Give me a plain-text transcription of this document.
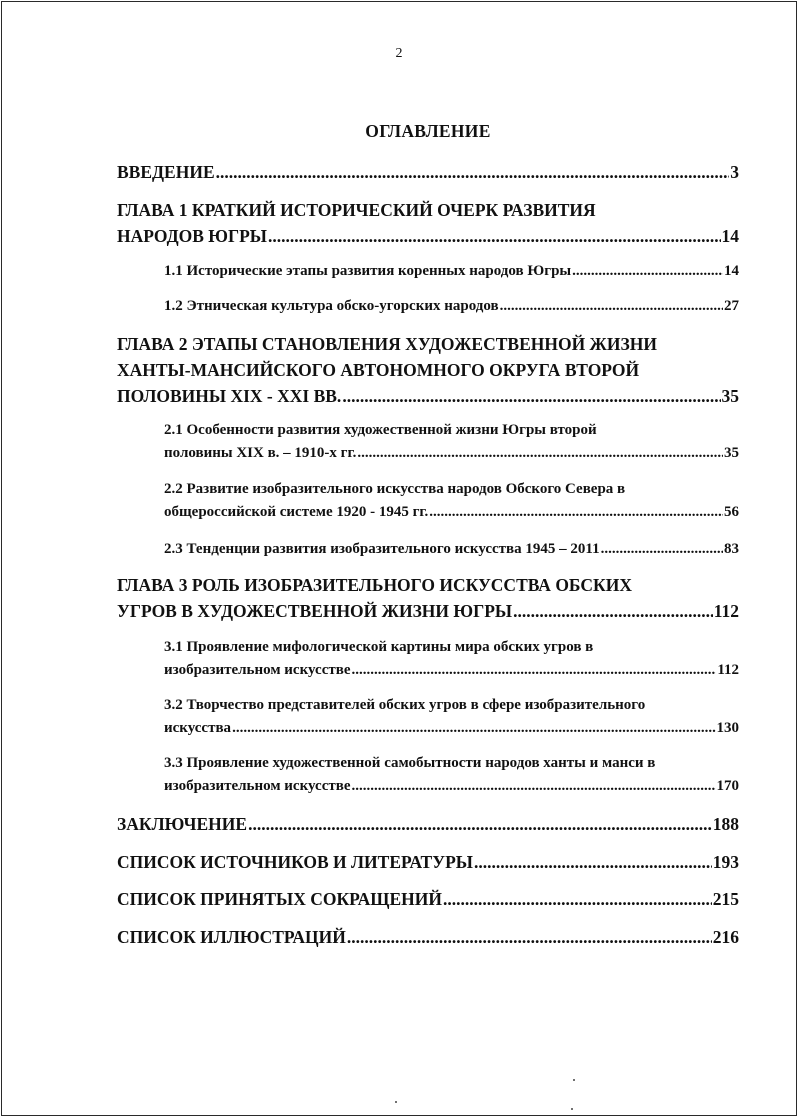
2
ОГЛАВЛЕНИЕ
ВВЕДЕНИЕ .....	3
ГЛАВА 1 КРАТКИЙ ИСТОРИЧЕСКИЙ ОЧЕРК РАЗВИТИЯ
НАРОДОВ ЮГРЫ .....	14
1.1 Исторические этапы развития коренных народов Югры .....	14
1.2 Этническая культура обско-угорских народов .....	27
ГЛАВА 2 ЭТАПЫ СТАНОВЛЕНИЯ ХУДОЖЕСТВЕННОЙ ЖИЗНИ
ХАНТЫ-МАНСИЙСКОГО АВТОНОМНОГО ОКРУГА ВТОРОЙ
ПОЛОВИНЫ XIX - XXI ВВ. .....	35
2.1 Особенности развития художественной жизни Югры второй
половины XIX в. – 1910-х гг. .....	35
2.2 Развитие изобразительного искусства народов Обского Севера в
общероссийской системе 1920 - 1945 гг. .....	56
2.3 Тенденции развития изобразительного искусства 1945 – 2011 .....	83
ГЛАВА 3 РОЛЬ ИЗОБРАЗИТЕЛЬНОГО ИСКУССТВА ОБСКИХ
УГРОВ В ХУДОЖЕСТВЕННОЙ ЖИЗНИ ЮГРЫ .....	112
3.1 Проявление мифологической картины мира обских угров в
изобразительном искусстве .....	112
3.2 Творчество представителей обских угров в сфере изобразительного
искусства .....	130
3.3 Проявление художественной самобытности народов ханты и манси в
изобразительном искусстве .....	170
ЗАКЛЮЧЕНИЕ .....	188
СПИСОК ИСТОЧНИКОВ И ЛИТЕРАТУРЫ .....	193
СПИСОК ПРИНЯТЫХ СОКРАЩЕНИЙ .....	215
СПИСОК ИЛЛЮСТРАЦИЙ .....	216
